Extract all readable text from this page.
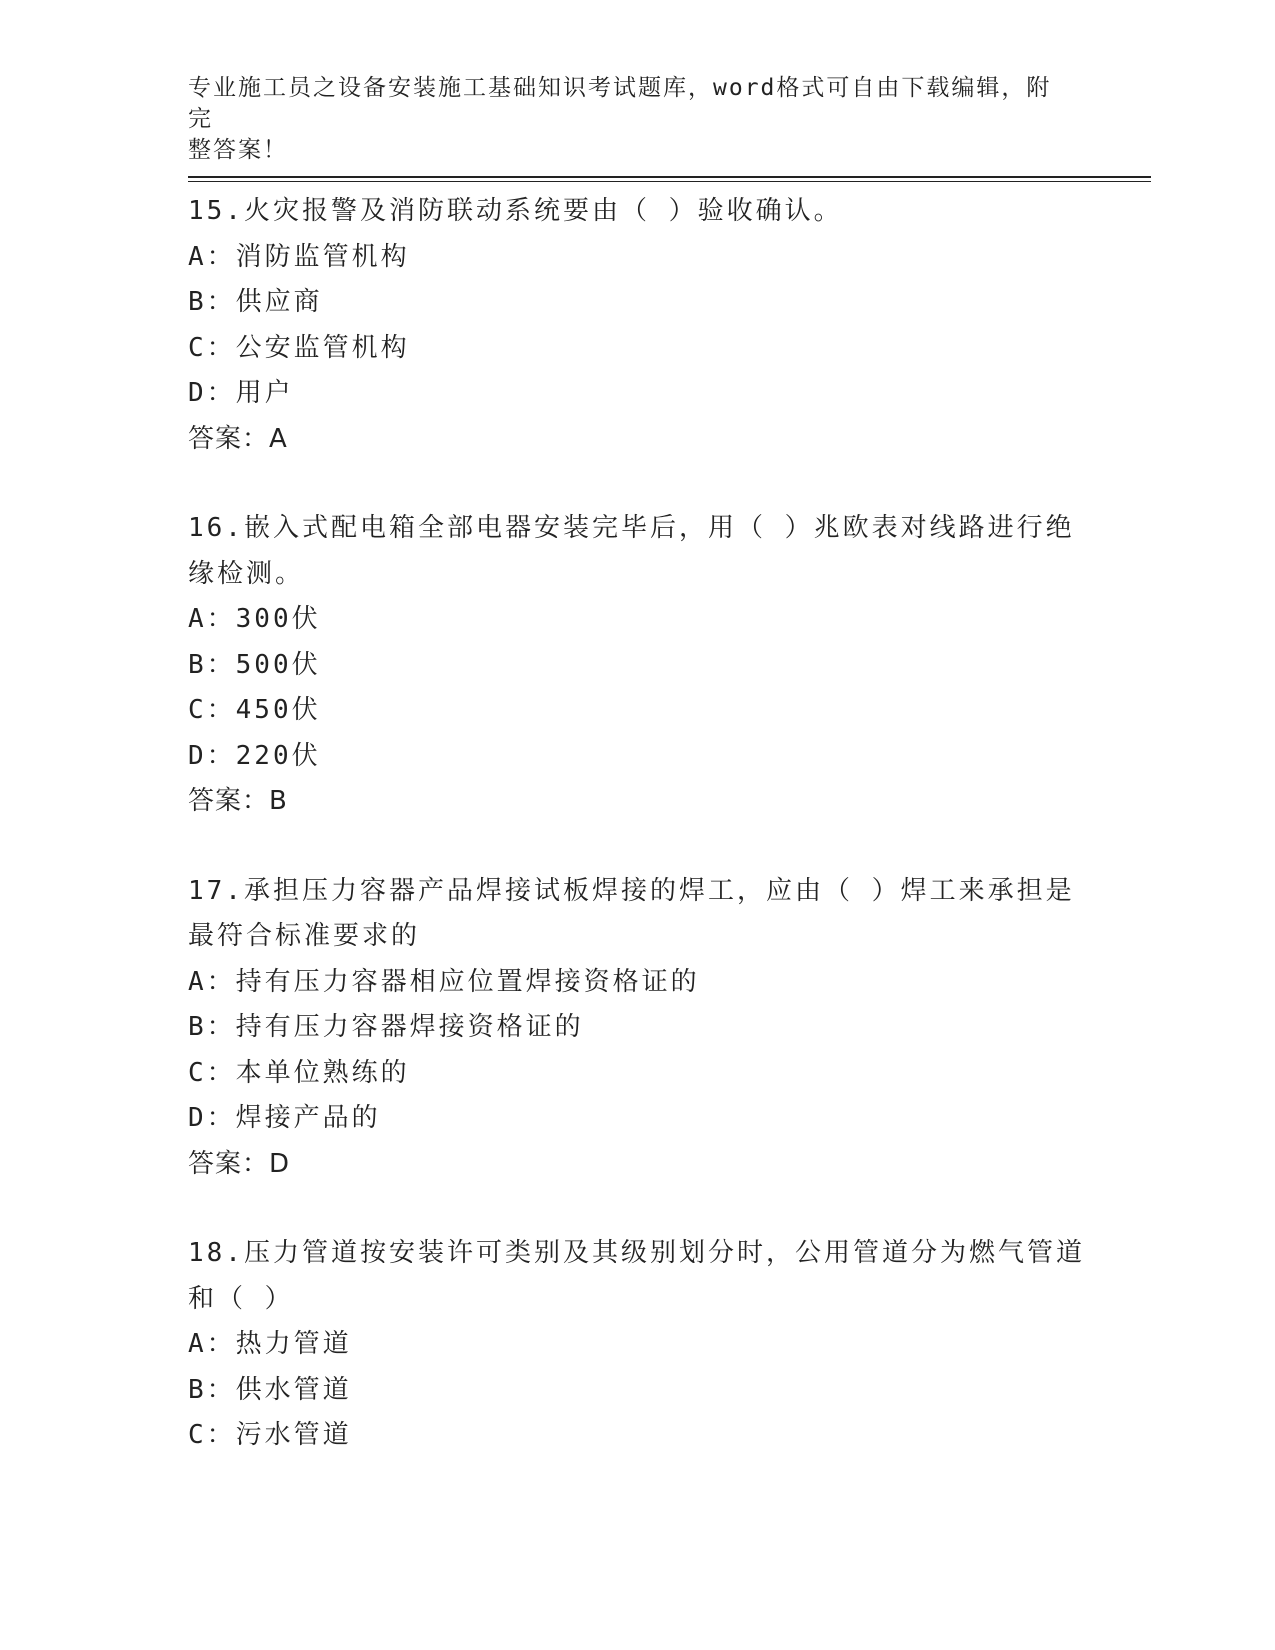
专业施工员之设备安装施工基础知识考试题库，word格式可自由下载编辑，附完
整答案！
15.火灾报警及消防联动系统要由（ ）验收确认。
A：消防监管机构
B：供应商
C：公安监管机构
D：用户
答案：A
16.嵌入式配电箱全部电器安装完毕后，用（ ）兆欧表对线路进行绝
缘检测。
A：300伏
B：500伏
C：450伏
D：220伏
答案：B
17.承担压力容器产品焊接试板焊接的焊工，应由（ ）焊工来承担是
最符合标准要求的
A：持有压力容器相应位置焊接资格证的
B：持有压力容器焊接资格证的
C：本单位熟练的
D：焊接产品的
答案：D
18.压力管道按安装许可类别及其级别划分时，公用管道分为燃气管道
和（ ）
A：热力管道
B：供水管道
C：污水管道
